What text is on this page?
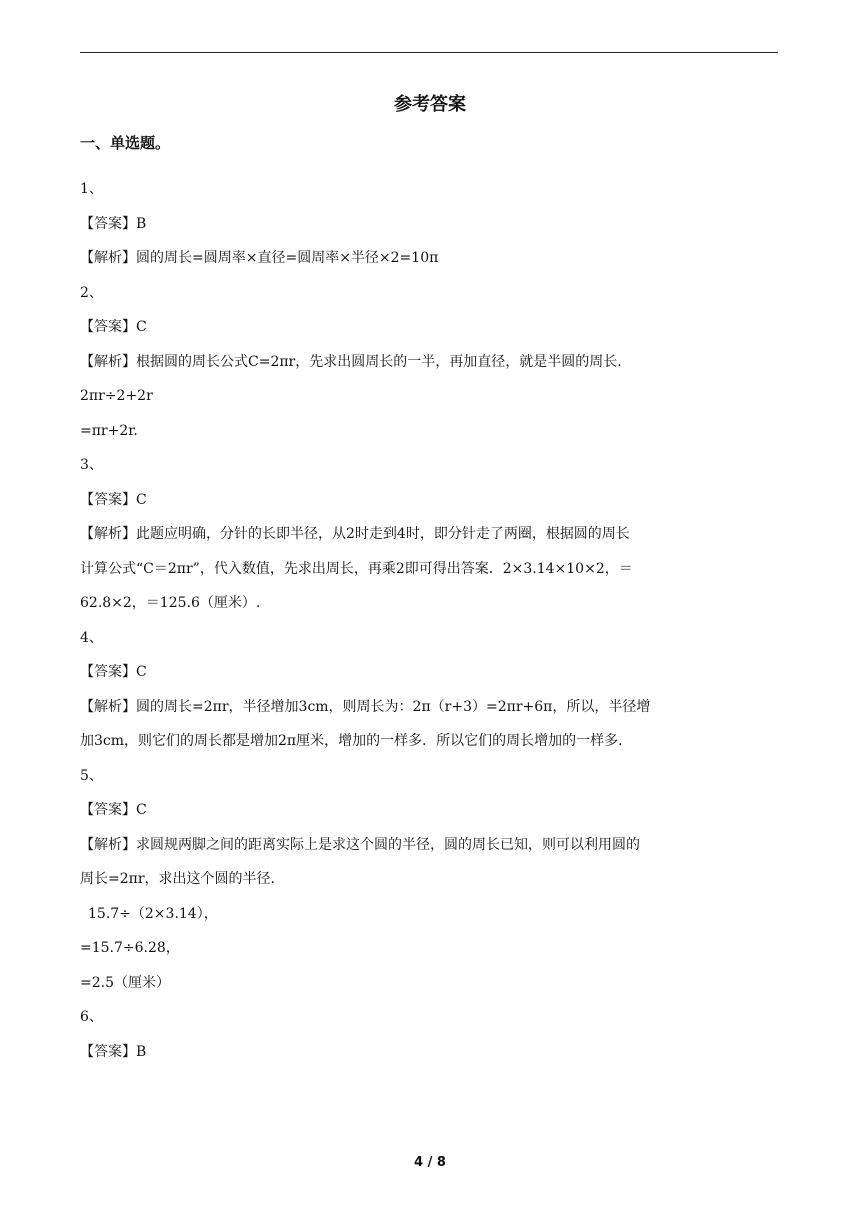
参考答案
一、单选题。
1、
【答案】B
【解析】圆的周长=圆周率×直径=圆周率×半径×2=10π
2、
【答案】C
【解析】根据圆的周长公式C=2πr，先求出圆周长的一半，再加直径，就是半圆的周长.
2πr÷2+2r
=πr+2r.
3、
【答案】C
【解析】此题应明确，分针的长即半径，从2时走到4时，即分针走了两圈，根据圆的周长
计算公式“C＝2πr”，代入数值，先求出周长，再乘2即可得出答案．2×3.14×10×2，＝
62.8×2，＝125.6（厘米）.
4、
【答案】C
【解析】圆的周长=2πr，半径增加3cm，则周长为：2π（r+3）=2πr+6π，所以，半径增
加3cm，则它们的周长都是增加2π厘米，增加的一样多．所以它们的周长增加的一样多．
5、
【答案】C
【解析】求圆规两脚之间的距离实际上是求这个圆的半径，圆的周长已知，则可以利用圆的
周长=2πr，求出这个圆的半径.
15.7÷（2×3.14），
=15.7÷6.28，
=2.5（厘米）
6、
【答案】B
4 / 8
